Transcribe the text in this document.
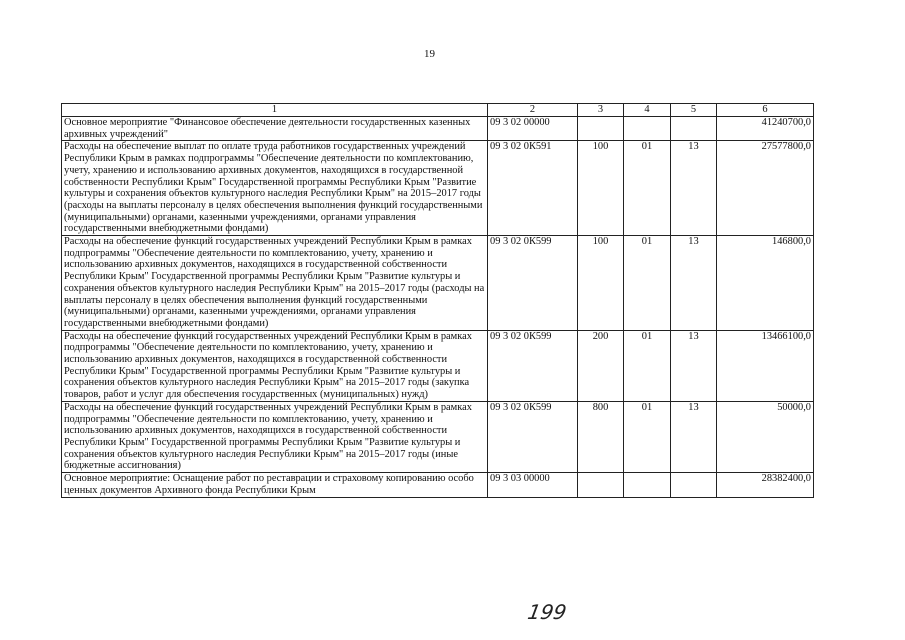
19
1	2	3	4	5	6
Основное мероприятие "Финансовое обеспечение деятельности государственных казенных архивных учреждений"	09 3 02 00000				41240700,0
Расходы на обеспечение выплат по оплате труда работников государственных учреждений Республики Крым в рамках подпрограммы "Обеспечение деятельности по комплектованию, учету, хранению и использованию архивных документов, находящихся в государственной собственности Республики Крым" Государственной программы Республики Крым "Развитие культуры и сохранения объектов культурного наследия Республики Крым" на 2015–2017 годы (расходы на выплаты персоналу в целях обеспечения выполнения функций государственными (муниципальными) органами, казенными учреждениями, органами управления государственными внебюджетными фондами)	09 3 02 0К591	100	01	13	27577800,0
Расходы на обеспечение функций государственных учреждений Республики Крым в рамках подпрограммы "Обеспечение деятельности по комплектованию, учету, хранению и использованию архивных документов, находящихся в государственной собственности Республики Крым" Государственной программы Республики Крым "Развитие культуры и сохранения объектов культурного наследия Республики Крым" на 2015–2017 годы (расходы на выплаты персоналу в целях обеспечения выполнения функций государственными (муниципальными) органами, казенными учреждениями, органами управления государственными внебюджетными фондами)	09 3 02 0К599	100	01	13	146800,0
Расходы на обеспечение функций государственных учреждений Республики Крым в рамках подпрограммы "Обеспечение деятельности по комплектованию, учету, хранению и использованию архивных документов, находящихся в государственной собственности Республики Крым" Государственной программы Республики Крым "Развитие культуры и сохранения объектов культурного наследия Республики Крым" на 2015–2017 годы (закупка товаров, работ и услуг для обеспечения государственных (муниципальных) нужд)	09 3 02 0К599	200	01	13	13466100,0
Расходы на обеспечение функций государственных учреждений Республики Крым в рамках подпрограммы "Обеспечение деятельности по комплектованию, учету, хранению и использованию архивных документов, находящихся в государственной собственности Республики Крым" Государственной программы Республики Крым "Развитие культуры и сохранения объектов культурного наследия Республики Крым" на 2015–2017 годы (иные бюджетные ассигнования)	09 3 02 0К599	800	01	13	50000,0
Основное мероприятие: Оснащение работ по реставрации и страховому копированию особо ценных документов Архивного фонда Республики Крым	09 3 03 00000				28382400,0
199
